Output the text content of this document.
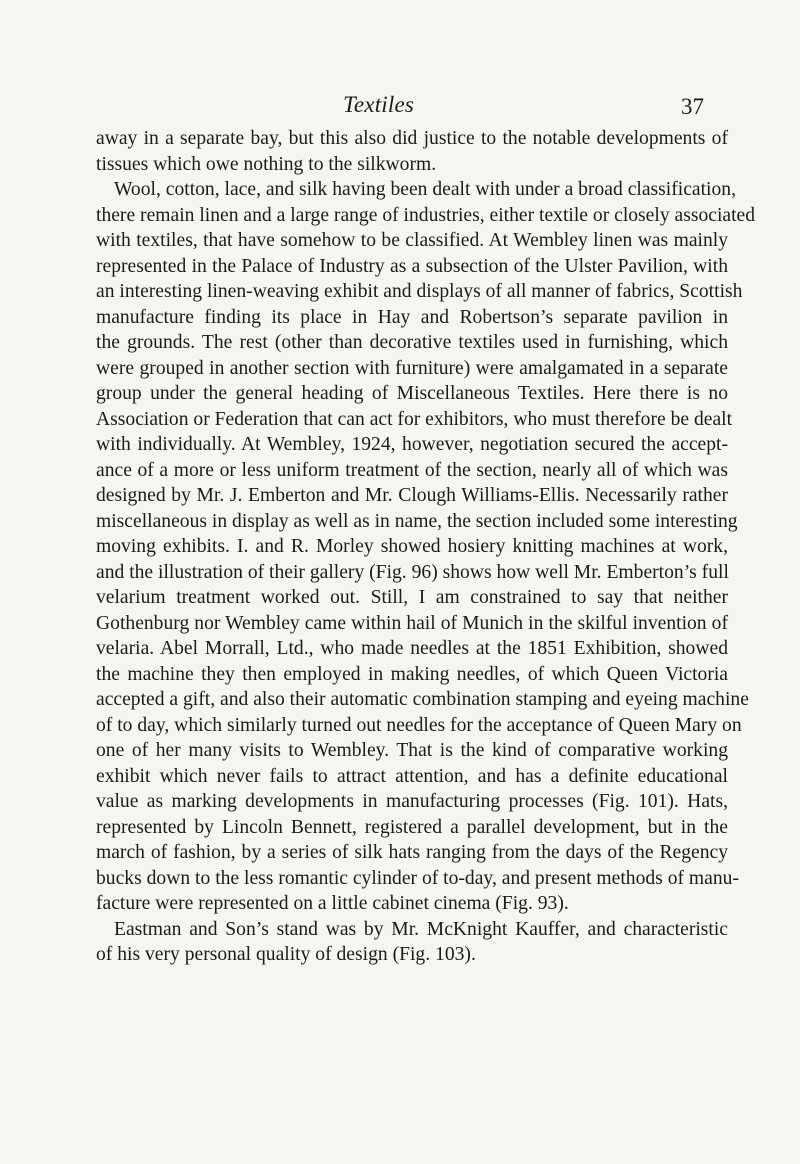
Textiles	37
away in a separate bay, but this also did justice to the notable developments of
tissues which owe nothing to the silkworm.
Wool, cotton, lace, and silk having been dealt with under a broad classification,
there remain linen and a large range of industries, either textile or closely associated
with textiles, that have somehow to be classified. At Wembley linen was mainly
represented in the Palace of Industry as a subsection of the Ulster Pavilion, with
an interesting linen-weaving exhibit and displays of all manner of fabrics, Scottish
manufacture finding its place in Hay and Robertson’s separate pavilion in
the grounds. The rest (other than decorative textiles used in furnishing, which
were grouped in another section with furniture) were amalgamated in a separate
group under the general heading of Miscellaneous Textiles. Here there is no
Association or Federation that can act for exhibitors, who must therefore be dealt
with individually. At Wembley, 1924, however, negotiation secured the accept-
ance of a more or less uniform treatment of the section, nearly all of which was
designed by Mr. J. Emberton and Mr. Clough Williams-Ellis. Necessarily rather
miscellaneous in display as well as in name, the section included some interesting
moving exhibits. I. and R. Morley showed hosiery knitting machines at work,
and the illustration of their gallery (Fig. 96) shows how well Mr. Emberton’s full
velarium treatment worked out. Still, I am constrained to say that neither
Gothenburg nor Wembley came within hail of Munich in the skilful invention of
velaria. Abel Morrall, Ltd., who made needles at the 1851 Exhibition, showed
the machine they then employed in making needles, of which Queen Victoria
accepted a gift, and also their automatic combination stamping and eyeing machine
of to day, which similarly turned out needles for the acceptance of Queen Mary on
one of her many visits to Wembley. That is the kind of comparative working
exhibit which never fails to attract attention, and has a definite educational
value as marking developments in manufacturing processes (Fig. 101). Hats,
represented by Lincoln Bennett, registered a parallel development, but in the
march of fashion, by a series of silk hats ranging from the days of the Regency
bucks down to the less romantic cylinder of to-day, and present methods of manu-
facture were represented on a little cabinet cinema (Fig. 93).
Eastman and Son’s stand was by Mr. McKnight Kauffer, and characteristic
of his very personal quality of design (Fig. 103).
